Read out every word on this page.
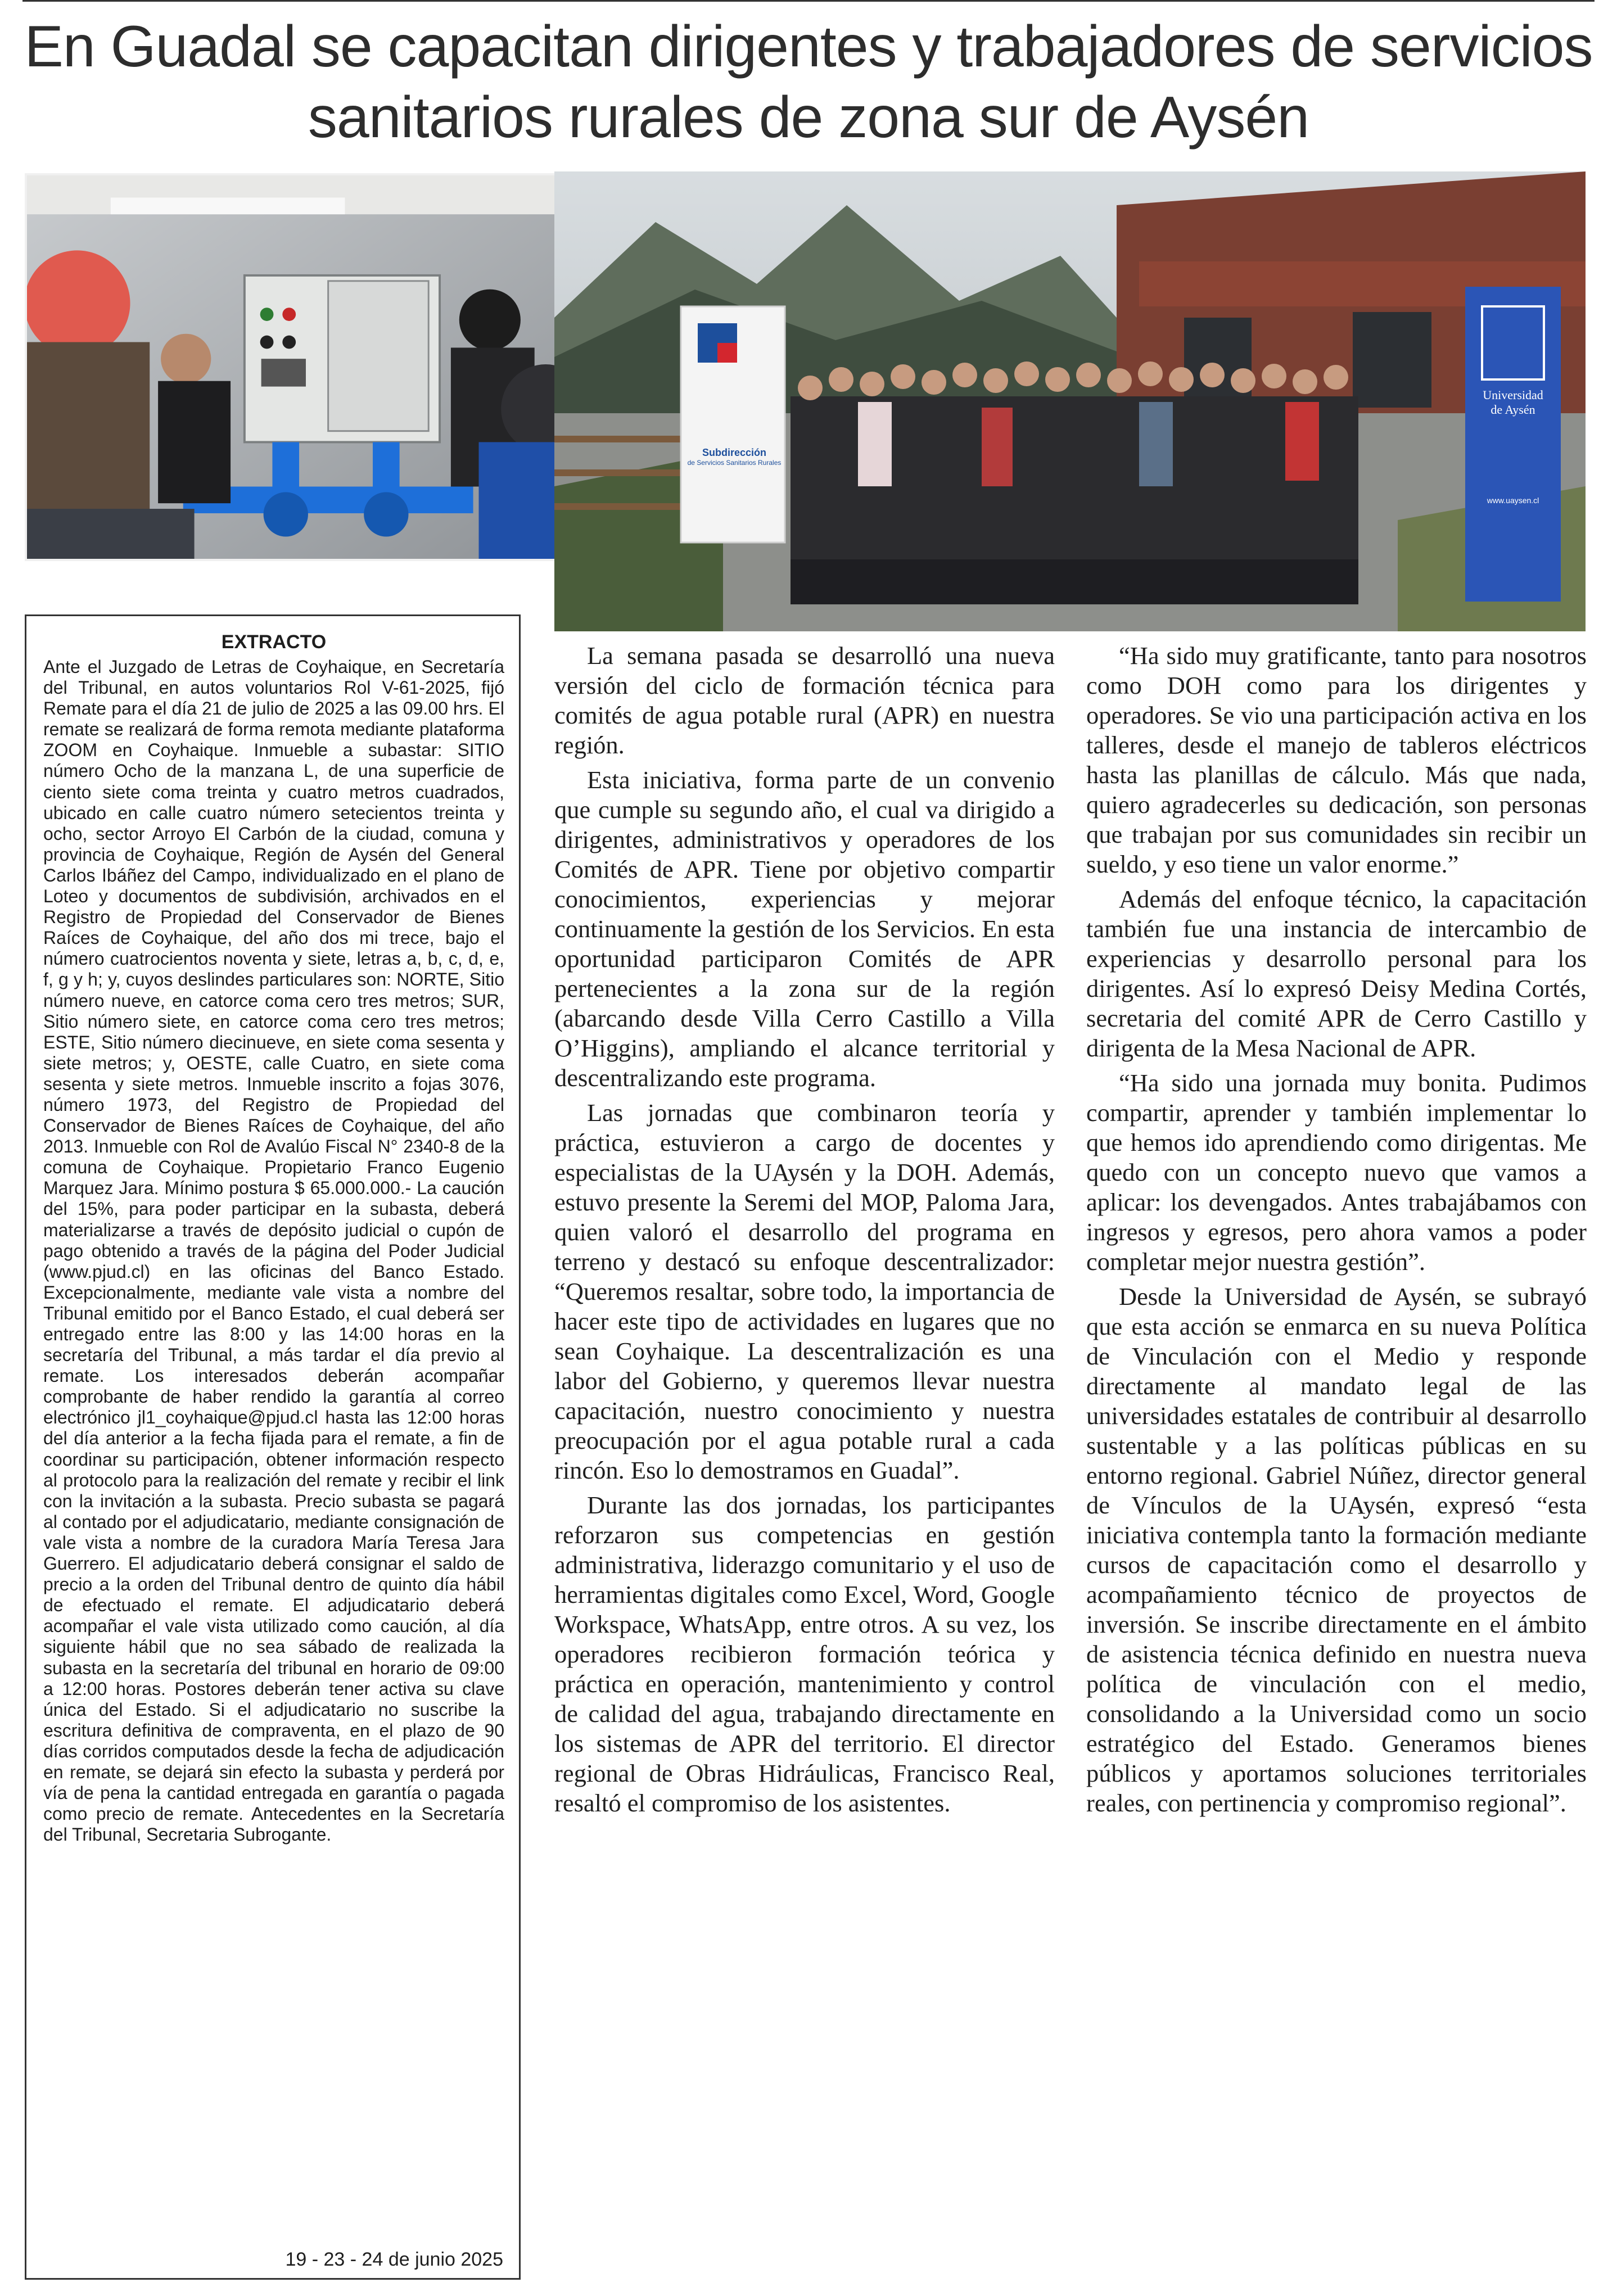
En Guadal se capacitan dirigentes y trabajadores de servicios sanitarios rurales de zona sur de Aysén
Subdirección
de Servicios Sanitarios Rurales
Universidad
de Aysén
www.uaysen.cl
EXTRACTO
Ante el Juzgado de Letras de Coyhaique, en Secretaría del Tribunal, en autos voluntarios Rol V-61-2025, fijó Remate para el día 21 de julio de 2025 a las 09.00 hrs. El remate se realizará de forma remota mediante plataforma ZOOM en Coyhaique. Inmueble a subastar: SITIO número Ocho de la manzana L, de una superficie de ciento siete coma treinta y cuatro metros cuadrados, ubicado en calle cuatro número setecientos treinta y ocho, sector Arroyo El Carbón de la ciudad, comuna y provincia de Coyhaique, Región de Aysén del General Carlos Ibáñez del Campo, individualizado en el plano de Loteo y documentos de subdivisión, archivados en el Registro de Propiedad del Conservador de Bienes Raíces de Coyhaique, del año dos mi trece, bajo el número cuatrocientos noventa y siete, letras a, b, c, d, e, f, g y h; y, cuyos deslindes particulares son: NORTE, Sitio número nueve, en catorce coma cero tres metros; SUR, Sitio número siete, en catorce coma cero tres metros; ESTE, Sitio número diecinueve, en siete coma sesenta y siete metros; y, OESTE, calle Cuatro, en siete coma sesenta y siete metros. Inmueble inscrito a fojas 3076, número 1973, del Registro de Propiedad del Conservador de Bienes Raíces de Coyhaique, del año 2013. Inmueble con Rol de Avalúo Fiscal N° 2340-8 de la comuna de Coyhaique. Propietario Franco Eugenio Marquez Jara. Mínimo postura $ 65.000.000.- La caución del 15%, para poder participar en la subasta, deberá materializarse a través de depósito judicial o cupón de pago obtenido a través de la página del Poder Judicial (www.pjud.cl) en las oficinas del Banco Estado. Excepcionalmente, mediante vale vista a nombre del Tribunal emitido por el Banco Estado, el cual deberá ser entregado entre las 8:00 y las 14:00 horas en la secretaría del Tribunal, a más tardar el día previo al remate. Los interesados deberán acompañar comprobante de haber rendido la garantía al correo electrónico jl1_coyhaique@pjud.cl hasta las 12:00 horas del día anterior a la fecha fijada para el remate, a fin de coordinar su participación, obtener información respecto al protocolo para la realización del remate y recibir el link con la invitación a la subasta. Precio subasta se pagará al contado por el adjudicatario, mediante consignación de vale vista a nombre de la curadora María Teresa Jara Guerrero. El adjudicatario deberá consignar el saldo de precio a la orden del Tribunal dentro de quinto día hábil de efectuado el remate. El adjudicatario deberá acompañar el vale vista utilizado como caución, al día siguiente hábil que no sea sábado de realizada la subasta en la secretaría del tribunal en horario de 09:00 a 12:00 horas. Postores deberán tener activa su clave única del Estado. Si el adjudicatario no suscribe la escritura definitiva de compraventa, en el plazo de 90 días corridos computados desde la fecha de adjudicación en remate, se dejará sin efecto la subasta y perderá por vía de pena la cantidad entregada en garantía o pagada como precio de remate. Antecedentes en la Secretaría del Tribunal, Secretaria Subrogante.
19 - 23 - 24 de junio 2025

La semana pasada se desarrolló una nueva versión del ciclo de formación técnica para comités de agua potable rural (APR) en nuestra región.

Esta iniciativa, forma parte de un convenio que cumple su segundo año, el cual va dirigido a dirigentes, administrativos y operadores de los Comités de APR. Tiene por objetivo compartir conocimientos, experiencias y mejorar continuamente la gestión de los Servicios. En esta oportunidad participaron Comités de APR pertenecientes a la zona sur de la región (abarcando desde Villa Cerro Castillo a Villa O’Higgins), ampliando el alcance territorial y descentralizando este programa.

Las jornadas que combinaron teoría y práctica, estuvieron a cargo de docentes y especialistas de la UAysén y la DOH. Además, estuvo presente la Seremi del MOP, Paloma Jara, quien valoró el desarrollo del programa en terreno y destacó su enfoque descentralizador: “Queremos resaltar, sobre todo, la importancia de hacer este tipo de actividades en lugares que no sean Coyhaique. La descentralización es una labor del Gobierno, y queremos llevar nuestra capacitación, nuestro conocimiento y nuestra preocupación por el agua potable rural a cada rincón. Eso lo demostramos en Guadal”.

Durante las dos jornadas, los participantes reforzaron sus competencias en gestión administrativa, liderazgo comunitario y el uso de herramientas digitales como Excel, Word, Google Workspace, WhatsApp, entre otros. A su vez, los operadores recibieron formación teórica y práctica en operación, mantenimiento y control de calidad del agua, trabajando directamente en los sistemas de APR del territorio. El director regional de Obras Hidráulicas, Francisco Real, resaltó el compromiso de los asistentes.

“Ha sido muy gratificante, tanto para nosotros como DOH como para los dirigentes y operadores. Se vio una participación activa en los talleres, desde el manejo de tableros eléctricos hasta las planillas de cálculo. Más que nada, quiero agradecerles su dedicación, son personas que trabajan por sus comunidades sin recibir un sueldo, y eso tiene un valor enorme.”

Además del enfoque técnico, la capacitación también fue una instancia de intercambio de experiencias y desarrollo personal para los dirigentes. Así lo expresó Deisy Medina Cortés, secretaria del comité APR de Cerro Castillo y dirigenta de la Mesa Nacional de APR.

“Ha sido una jornada muy bonita. Pudimos compartir, aprender y también implementar lo que hemos ido aprendiendo como dirigentas. Me quedo con un concepto nuevo que vamos a aplicar: los devengados. Antes trabajábamos con ingresos y egresos, pero ahora vamos a poder completar mejor nuestra gestión”.

Desde la Universidad de Aysén, se subrayó que esta acción se enmarca en su nueva Política de Vinculación con el Medio y responde directamente al mandato legal de las universidades estatales de contribuir al desarrollo sustentable y a las políticas públicas en su entorno regional. Gabriel Núñez, director general de Vínculos de la UAysén, expresó “esta iniciativa contempla tanto la formación mediante cursos de capacitación como el desarrollo y acompañamiento técnico de proyectos de inversión. Se inscribe directamente en el ámbito de asistencia técnica definido en nuestra nueva política de vinculación con el medio, consolidando a la Universidad como un socio estratégico del Estado. Generamos bienes públicos y aportamos soluciones territoriales reales, con pertinencia y compromiso regional”.
